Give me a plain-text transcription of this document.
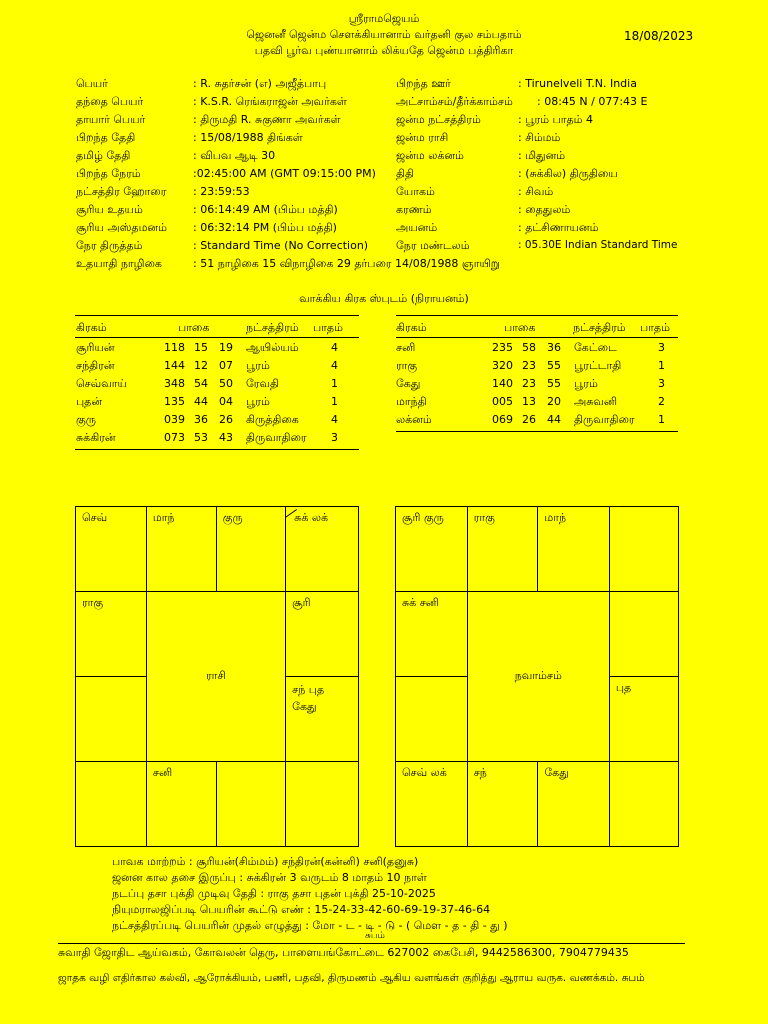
ஸ்ரீராமஜெயம்
ஜெனனீ ஜென்ம சௌக்கியானாம் வர்தனி குல சம்பதாம்
பதவி பூர்வ புண்யானாம் லிக்யதே ஜென்ம பத்திரிகா
18/08/2023
பெயர்	: R. சுதர்சன் (எ) அஜீத்பாபு
தந்தை பெயர்	: K.S.R. ரெங்கராஜன் அவர்கள்
தாயார் பெயர்	: திருமதி R. சுகுணா அவர்கள்
பிறந்த தேதி	: 15/08/1988 திங்கள்
தமிழ் தேதி	: விபவ ஆடி 30
பிறந்த நேரம்	:02:45:00 AM (GMT 09:15:00 PM)
நட்சத்திர ஹோரை : 23:59:53
சூரிய உதயம்	: 06:14:49 AM (பிம்ப மத்தி)
சூரிய அஸ்தமனம் : 06:32:14 PM (பிம்ப மத்தி)
நேர திருத்தம்	: Standard Time (No Correction)
பிறந்த ஊர்	: Tirunelveli T.N. India
அட்சாம்சம்/தீர்க்காம்சம் : 08:45 N / 077:43 E
ஜன்ம நட்சத்திரம்	: பூரம் பாதம் 4
ஜன்ம ராசி	: சிம்மம்
ஜன்ம லக்னம்	: மிதுனம்
திதி	: (சுக்கில) திருதியை
யோகம்	: சிவம்
கரணம்	: தைதுலம்
அயனம்	: தட்சிணாயனம்
நேர மண்டலம்	: 05.30E Indian Standard Time
உதயாதி நாழிகை	: 51 நாழிகை 15 விநாழிகை 29 தர்பரை 14/08/1988 ஞாயிறு
வாக்கிய கிரக ஸ்புடம் (நிராயனம்)
கிரகம்	பாகை	நட்சத்திரம் பாதம்
சூரியன்	118 15 19 ஆயில்யம்	4
சந்திரன்	144 12 07 பூரம்	4
செவ்வாய்	348 54 50 ரேவதி	1
புதன்	135 44 04 பூரம்	1
குரு	039 36 26 கிருத்திகை	4
சுக்கிரன்	073 53 43 திருவாதிரை 3
கிரகம்	பாகை	நட்சத்திரம் பாதம்
சனி	235 58 36 கேட்டை	3
ராகு	320 23 55 பூரட்டாதி	1
கேது	140 23 55 பூரம்	3
மாந்தி	005 13 20 அசுவனி	2
லக்னம்	069 26 44 திருவாதிரை 1
செவ்	மாந்	குரு	சுக் லக்

ராகு	ராசி		சூரி
			சந் புத
கேது
	சனி		
சூரி குரு	ராகு	மாந்	
சுக் சனி	நவாம்சம்		
			புத
செவ் லக்	சந்	கேது	
பாவக மாற்றம் : சூரியன்(சிம்மம்) சந்திரன்(கன்னி) சனி(தனுசு)
ஜனன கால தசை இருப்பு : சுக்கிரன் 3 வருடம் 8 மாதம் 10 நாள்
நடப்பு தசா புக்தி முடிவு தேதி : ராகு தசா புதன் புக்தி 25-10-2025
நியுமராலஜிப்படி பெயரின் கூட்டு எண் : 15-24-33-42-60-69-19-37-46-64
நட்சத்திரப்படி பெயரின் முதல் எழுத்து : மோ - ட - டி - டு - ( மௌ - த - தி - து )
சுபம்
சுவாதி ஜோதிட ஆய்வகம், கோவலன் தெரு, பாளையங்கோட்டை 627002 கைபேசி, 9442586300, 7904779435
ஜாதக வழி எதிர்கால கல்வி, ஆரோக்கியம், பணி, பதவி, திருமணம் ஆகிய வளங்கள் குறித்து ஆராய வருக. வணக்கம். சுபம்
